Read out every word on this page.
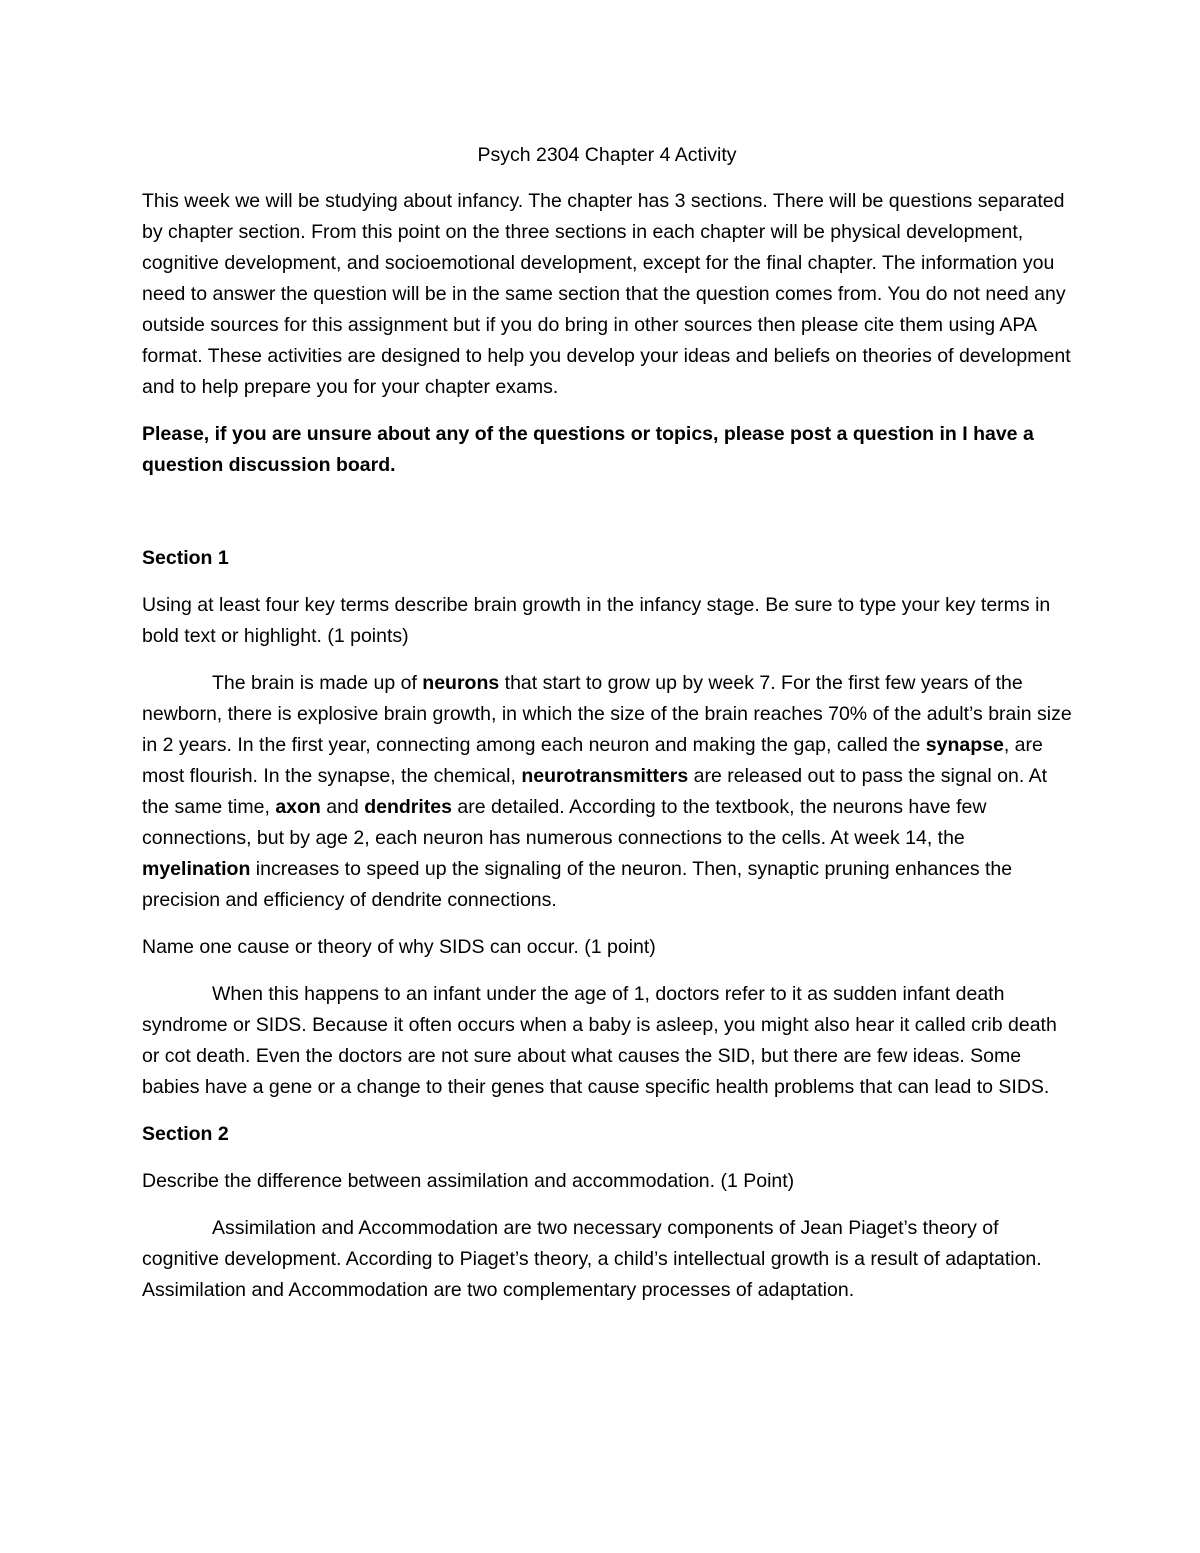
Psych 2304 Chapter 4 Activity

This week we will be studying about infancy. The chapter has 3 sections. There will be questions separated by chapter section. From this point on the three sections in each chapter will be physical development, cognitive development, and socioemotional development, except for the final chapter. The information you need to answer the question will be in the same section that the question comes from. You do not need any outside sources for this assignment but if you do bring in other sources then please cite them using APA format. These activities are designed to help you develop your ideas and beliefs on theories of development and to help prepare you for your chapter exams.

Please, if you are unsure about any of the questions or topics, please post a question in I have a question discussion board.

Section 1

Using at least four key terms describe brain growth in the infancy stage. Be sure to type your key terms in bold text or highlight. (1 points)

The brain is made up of neurons that start to grow up by week 7. For the first few years of the newborn, there is explosive brain growth, in which the size of the brain reaches 70% of the adult’s brain size in 2 years. In the first year, connecting among each neuron and making the gap, called the synapse, are most flourish. In the synapse, the chemical, neurotransmitters are released out to pass the signal on. At the same time, axon and dendrites are detailed. According to the textbook, the neurons have few connections, but by age 2, each neuron has numerous connections to the cells. At week 14, the myelination increases to speed up the signaling of the neuron. Then, synaptic pruning enhances the precision and efficiency of dendrite connections.

Name one cause or theory of why SIDS can occur. (1 point)

When this happens to an infant under the age of 1, doctors refer to it as sudden infant death syndrome or SIDS. Because it often occurs when a baby is asleep, you might also hear it called crib death or cot death. Even the doctors are not sure about what causes the SID, but there are few ideas. Some babies have a gene or a change to their genes that cause specific health problems that can lead to SIDS.

Section 2

Describe the difference between assimilation and accommodation. (1 Point)

Assimilation and Accommodation are two necessary components of Jean Piaget’s theory of cognitive development. According to Piaget’s theory, a child’s intellectual growth is a result of adaptation. Assimilation and Accommodation are two complementary processes of adaptation.
